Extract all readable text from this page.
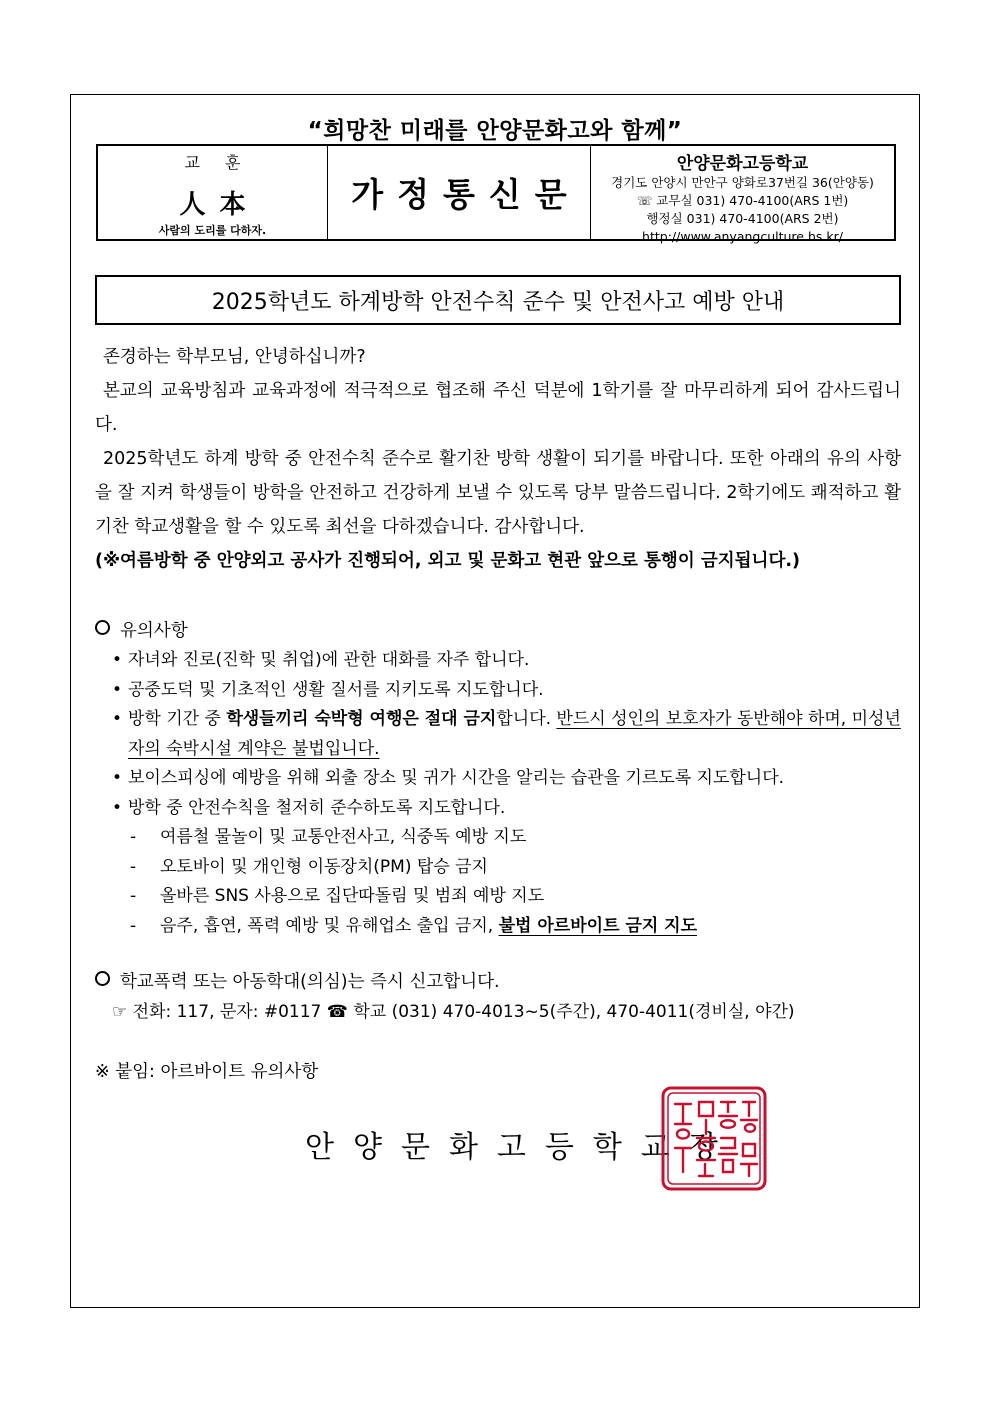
“희망찬 미래를 안양문화고와 함께”
교 훈
人本
사람의 도리를 다하자.
가정통신문
안양문화고등학교
경기도 안양시 만안구 양화로37번길 36(안양동)
☏ 교무실 031) 470-4100(ARS 1번)
행정실 031) 470-4100(ARS 2번)
http://www.anyangculture.hs.kr/
2025학년도 하계방학 안전수칙 준수 및 안전사고 예방 안내

존경하는 학부모님, 안녕하십니까?

본교의 교육방침과 교육과정에 적극적으로 협조해 주신 덕분에 1학기를 잘 마무리하게 되어 감사드립니다.

2025학년도 하계 방학 중 안전수칙 준수로 활기찬 방학 생활이 되기를 바랍니다. 또한 아래의 유의 사항을 잘 지켜 학생들이 방학을 안전하고 건강하게 보낼 수 있도록 당부 말씀드립니다. 2학기에도 쾌적하고 활기찬 학교생활을 할 수 있도록 최선을 다하겠습니다. 감사합니다.

(※여름방학 중 안양외고 공사가 진행되어, 외고 및 문화고 현관 앞으로 통행이 금지됩니다.)

유의사항
• 자녀와 진로(진학 및 취업)에 관한 대화를 자주 합니다.
• 공중도덕 및 기초적인 생활 질서를 지키도록 지도합니다.
• 방학 기간 중 학생들끼리 숙박형 여행은 절대 금지합니다. 반드시 성인의 보호자가 동반해야 하며, 미성년자의 숙박시설 계약은 불법입니다.
• 보이스피싱에 예방을 위해 외출 장소 및 귀가 시간을 알리는 습관을 기르도록 지도합니다.
• 방학 중 안전수칙을 철저히 준수하도록 지도합니다.
- 여름철 물놀이 및 교통안전사고, 식중독 예방 지도
- 오토바이 및 개인형 이동장치(PM) 탑승 금지
- 올바른 SNS 사용으로 집단따돌림 및 범죄 예방 지도
- 음주, 흡연, 폭력 예방 및 유해업소 출입 금지, 불법 아르바이트 금지 지도
학교폭력 또는 아동학대(의심)는 즉시 신고합니다.
☞ 전화: 117, 문자: #0117 ☎ 학교 (031) 470-4013~5(주간), 470-4011(경비실, 야간)
※ 붙임: 아르바이트 유의사항
안양문화고등학교장
